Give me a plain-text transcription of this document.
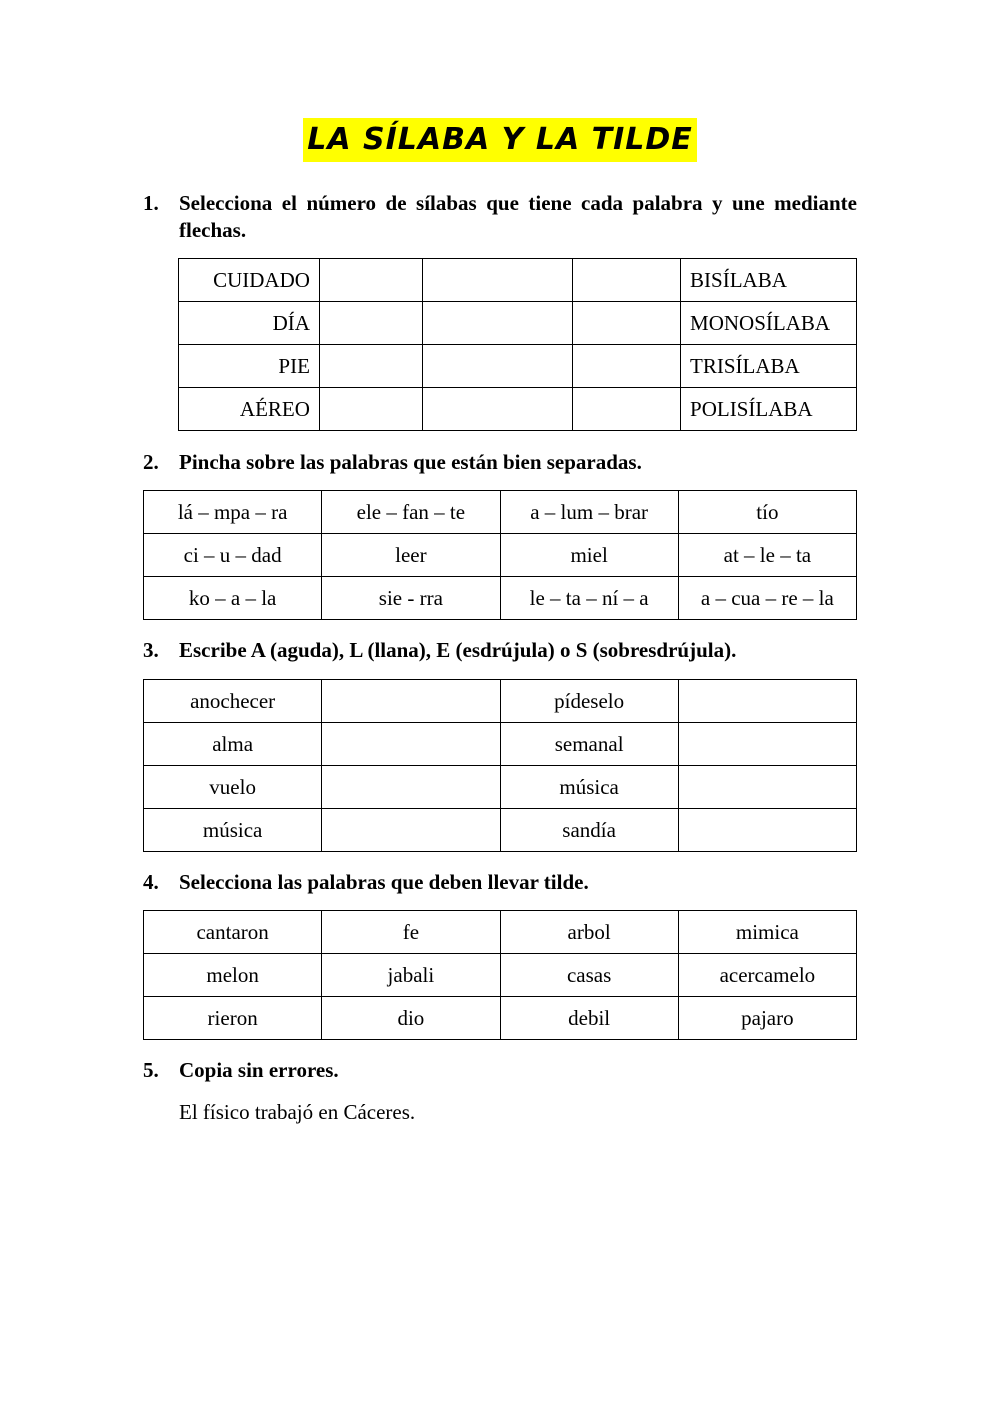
LA SÍLABA Y LA TILDE
1. Selecciona el número de sílabas que tiene cada palabra y une mediante flechas.
CUIDADO				BISÍLABA
DÍA				MONOSÍLABA
PIE				TRISÍLABA
AÉREO				POLISÍLABA
2. Pincha sobre las palabras que están bien separadas.
lá – mpa – ra	ele – fan – te	a – lum – brar	tío
ci – u – dad	leer	miel	at – le – ta
ko – a – la	sie - rra	le – ta – ní – a	a – cua – re – la
3. Escribe A (aguda), L (llana), E (esdrújula) o S (sobresdrújula).
anochecer		pídeselo	
alma		semanal	
vuelo		música	
música		sandía	
4. Selecciona las palabras que deben llevar tilde.
cantaron	fe	arbol	mimica
melon	jabali	casas	acercamelo
rieron	dio	debil	pajaro
5. Copia sin errores.
El físico trabajó en Cáceres.
